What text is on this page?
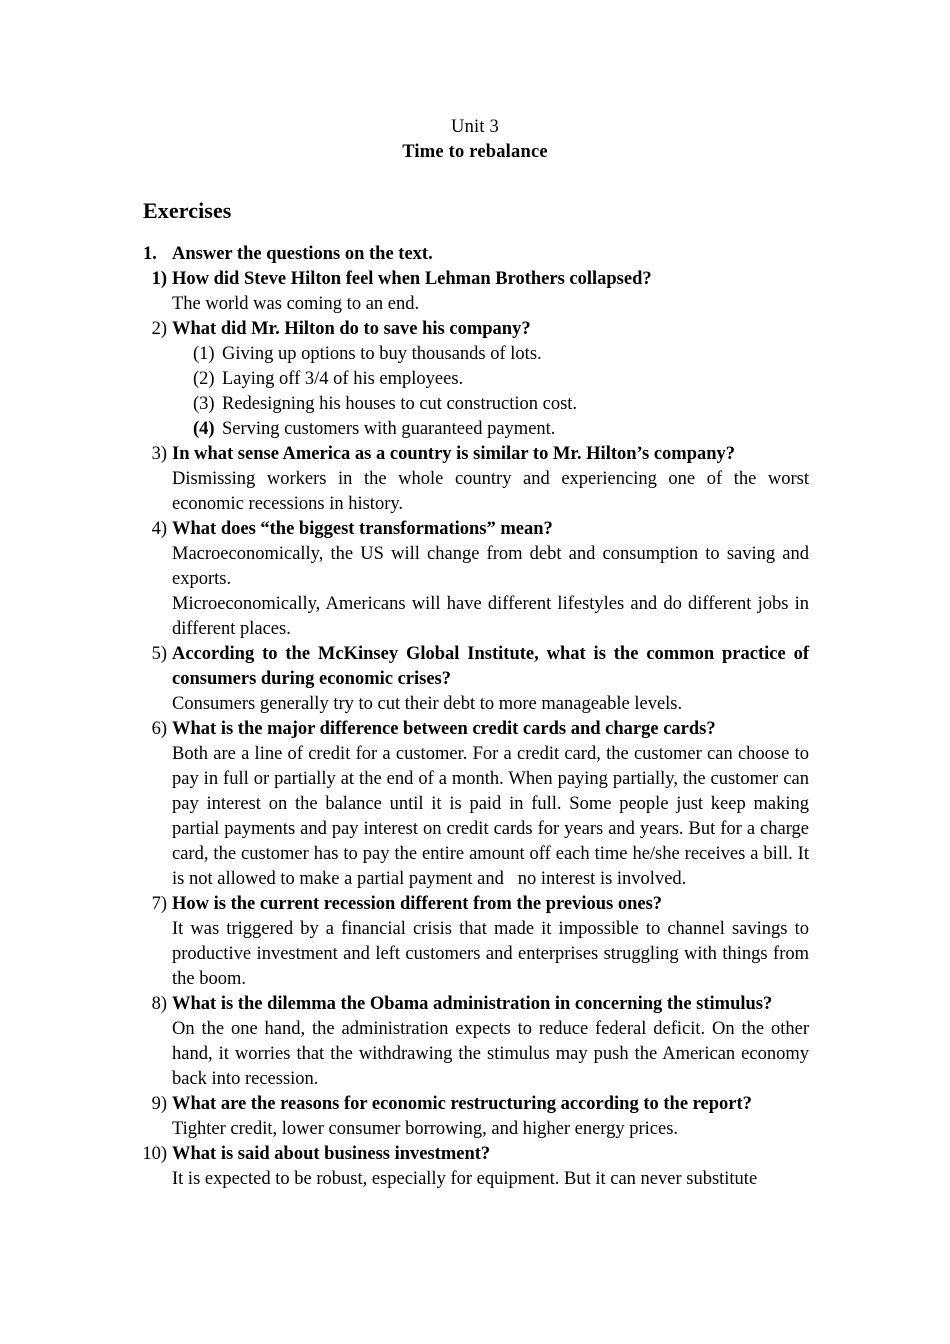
Unit 3
Time to rebalance
Exercises
1. Answer the questions on the text.
1) How did Steve Hilton feel when Lehman Brothers collapsed?
The world was coming to an end.
2) What did Mr. Hilton do to save his company?
(1) Giving up options to buy thousands of lots.
(2) Laying off 3/4 of his employees.
(3) Redesigning his houses to cut construction cost.
(4) Serving customers with guaranteed payment.
3) In what sense America as a country is similar to Mr. Hilton’s company?
Dismissing workers in the whole country and experiencing one of the worst economic recessions in history.
4) What does “the biggest transformations” mean?
Macroeconomically, the US will change from debt and consumption to saving and exports.
Microeconomically, Americans will have different lifestyles and do different jobs in different places.
5) According to the McKinsey Global Institute, what is the common practice of consumers during economic crises?
Consumers generally try to cut their debt to more manageable levels.
6) What is the major difference between credit cards and charge cards?
Both are a line of credit for a customer. For a credit card, the customer can choose to pay in full or partially at the end of a month. When paying partially, the customer can pay interest on the balance until it is paid in full. Some people just keep making partial payments and pay interest on credit cards for years and years. But for a charge card, the customer has to pay the entire amount off each time he/she receives a bill. It is not allowed to make a partial payment and no interest is involved.
7) How is the current recession different from the previous ones?
It was triggered by a financial crisis that made it impossible to channel savings to productive investment and left customers and enterprises struggling with things from the boom.
8) What is the dilemma the Obama administration in concerning the stimulus?
On the one hand, the administration expects to reduce federal deficit. On the other hand, it worries that the withdrawing the stimulus may push the American economy back into recession.
9) What are the reasons for economic restructuring according to the report?
Tighter credit, lower consumer borrowing, and higher energy prices.
10) What is said about business investment?
It is expected to be robust, especially for equipment. But it can never substitute
